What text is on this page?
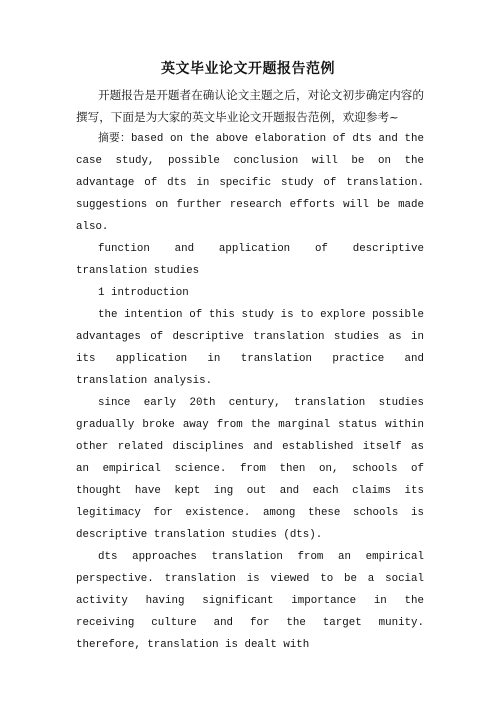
英文毕业论文开题报告范例

开题报告是开题者在确认论文主题之后，对论文初步确定内容的撰写，下面是为大家的英文毕业论文开题报告范例，欢迎参考~

摘要：based on the above elaboration of dts and the case study, possible conclusion will be on the advantage of dts in specific study of translation. suggestions on further research efforts will be made also.

function and application of descriptive translation studies

1 introduction

the intention of this study is to explore possible advantages of descriptive translation studies as in its application in translation practice and translation analysis.

since early 20th century, translation studies gradually broke away from the marginal status within other related disciplines and established itself as an empirical science. from then on, schools of thought have kept ing out and each claims its legitimacy for existence. among these schools is descriptive translation studies (dts).

dts approaches translation from an empirical perspective. translation is viewed to be a social activity having significant importance in the receiving culture and for the target munity. therefore, translation is dealt with
